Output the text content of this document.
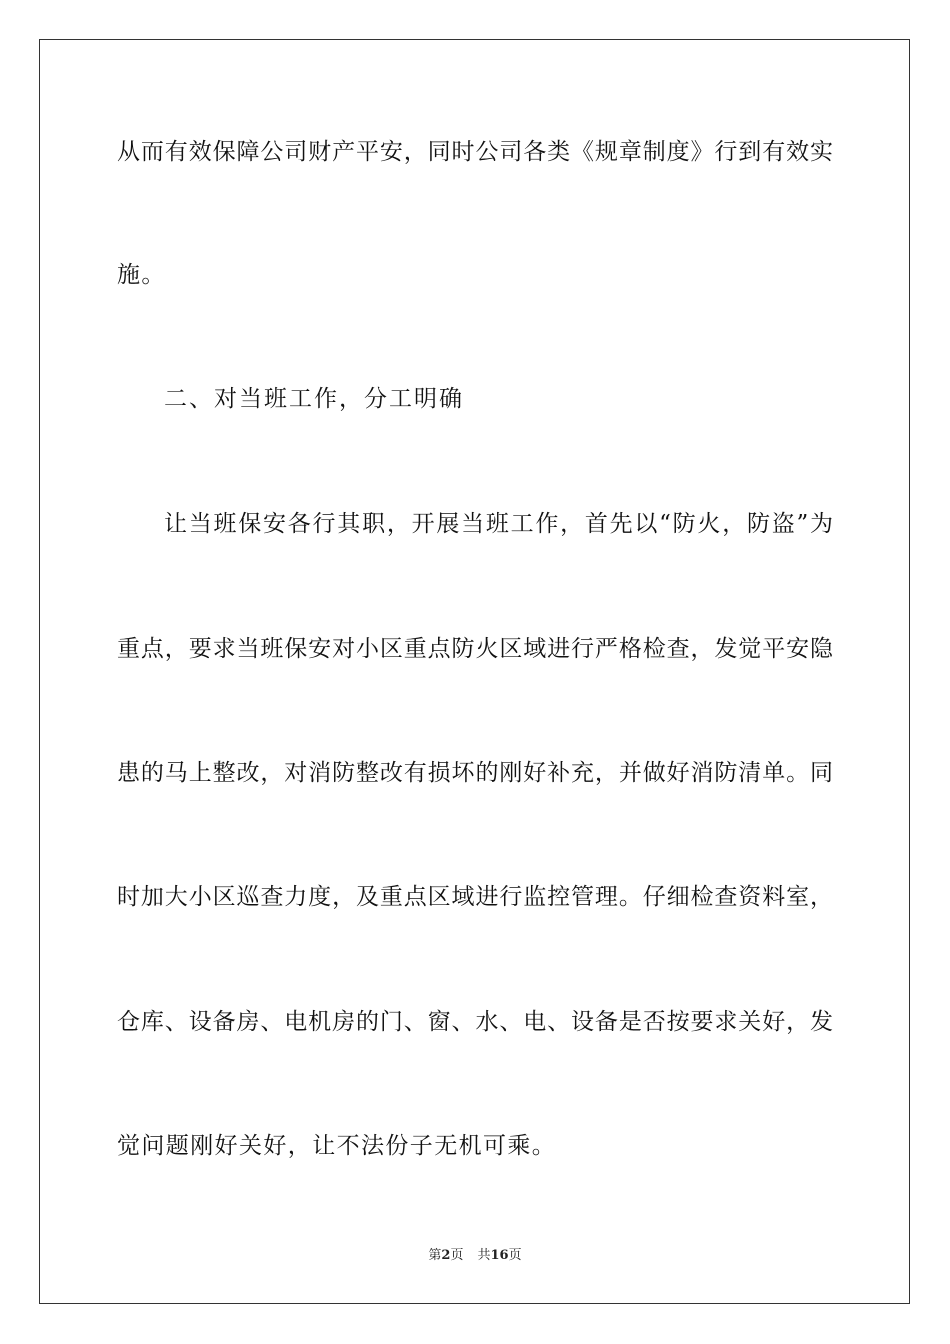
从而有效保障公司财产平安，同时公司各类《规章制度》行到有效实
施。
二、对当班工作，分工明确
让当班保安各行其职，开展当班工作，首先以“防火，防盗”为
重点，要求当班保安对小区重点防火区域进行严格检查，发觉平安隐
患的马上整改，对消防整改有损坏的刚好补充，并做好消防清单。同
时加大小区巡查力度，及重点区域进行监控管理。仔细检查资料室，
仓库、设备房、电机房的门、窗、水、电、设备是否按要求关好，发
觉问题刚好关好，让不法份子无机可乘。
第2页 共16页
